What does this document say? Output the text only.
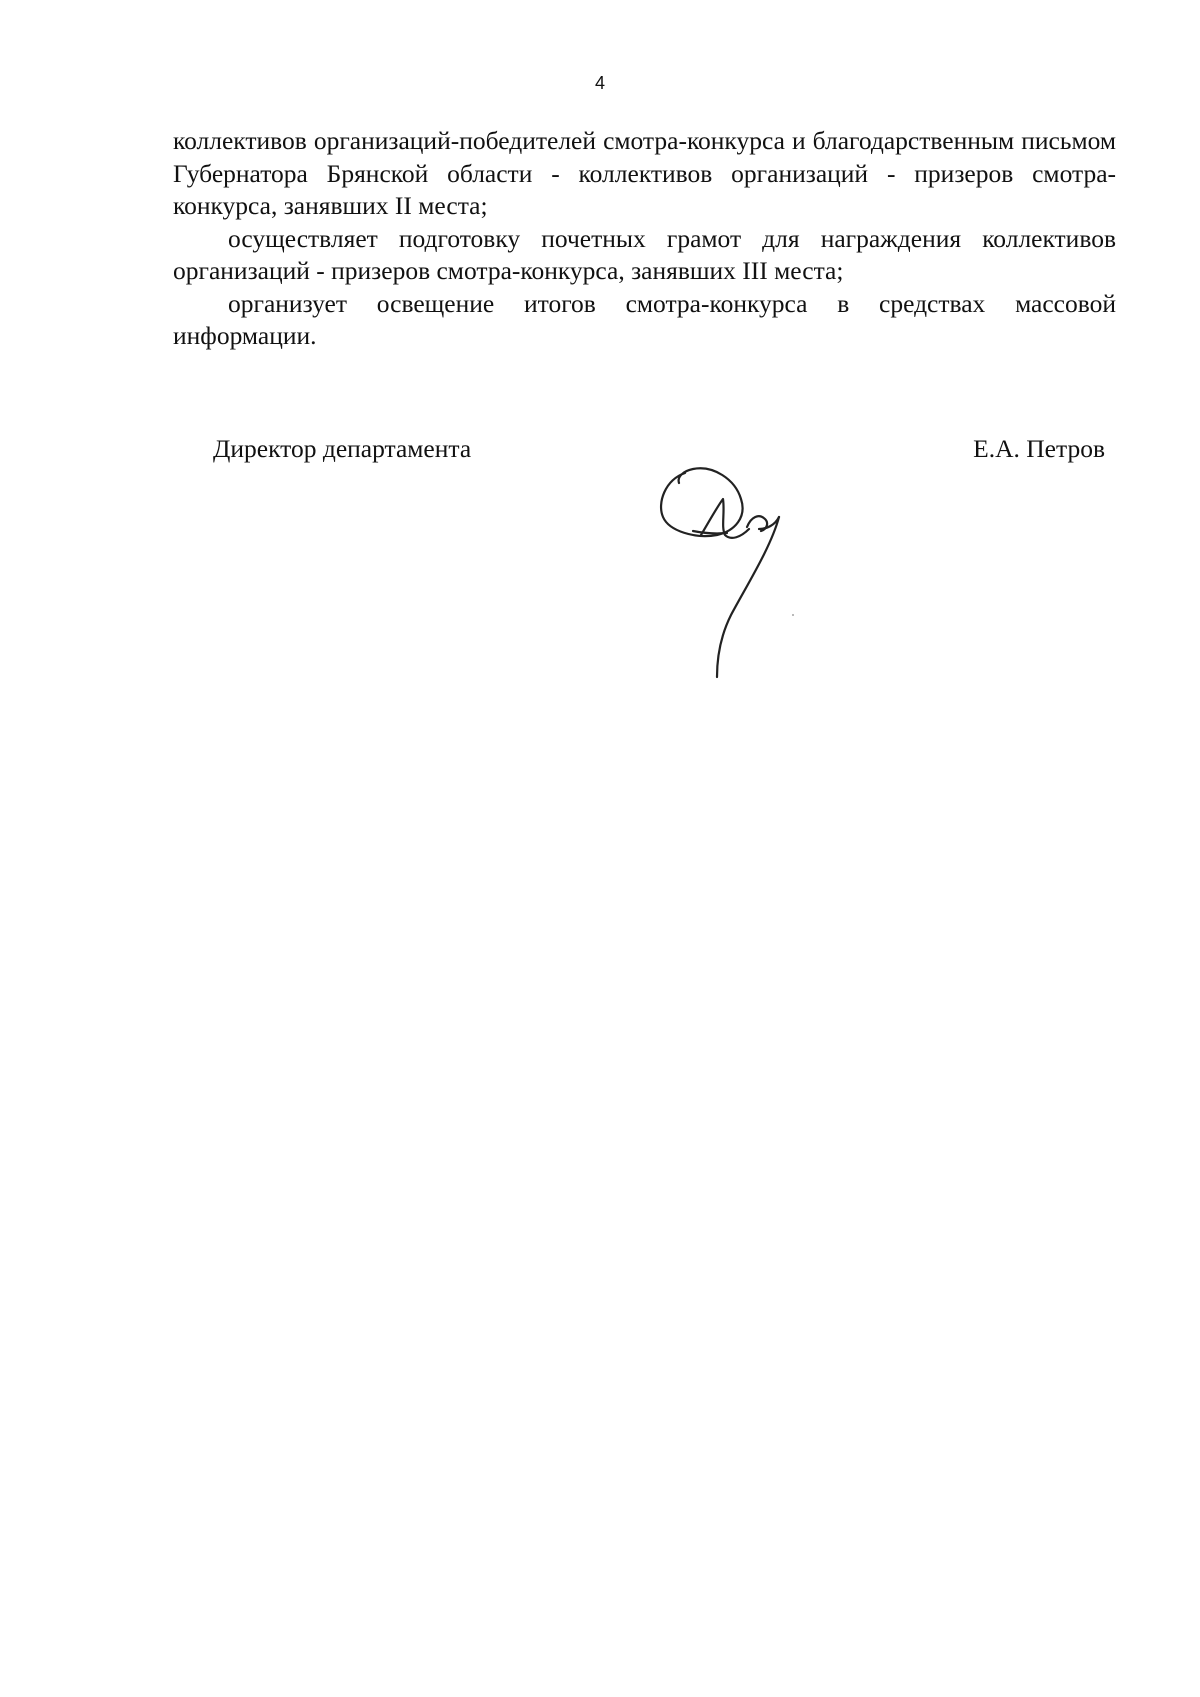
4

коллективов организаций-победителей смотра-конкурса и благодарственным письмом Губернатора Брянской области - коллективов организаций - призеров смотра-конкурса, занявших II места;

осуществляет подготовку почетных грамот для награждения коллективов организаций - призеров смотра-конкурса, занявших III места;

организует освещение итогов смотра-конкурса в средствах массовой информации.

Директор департамента	Е.А. Петров
